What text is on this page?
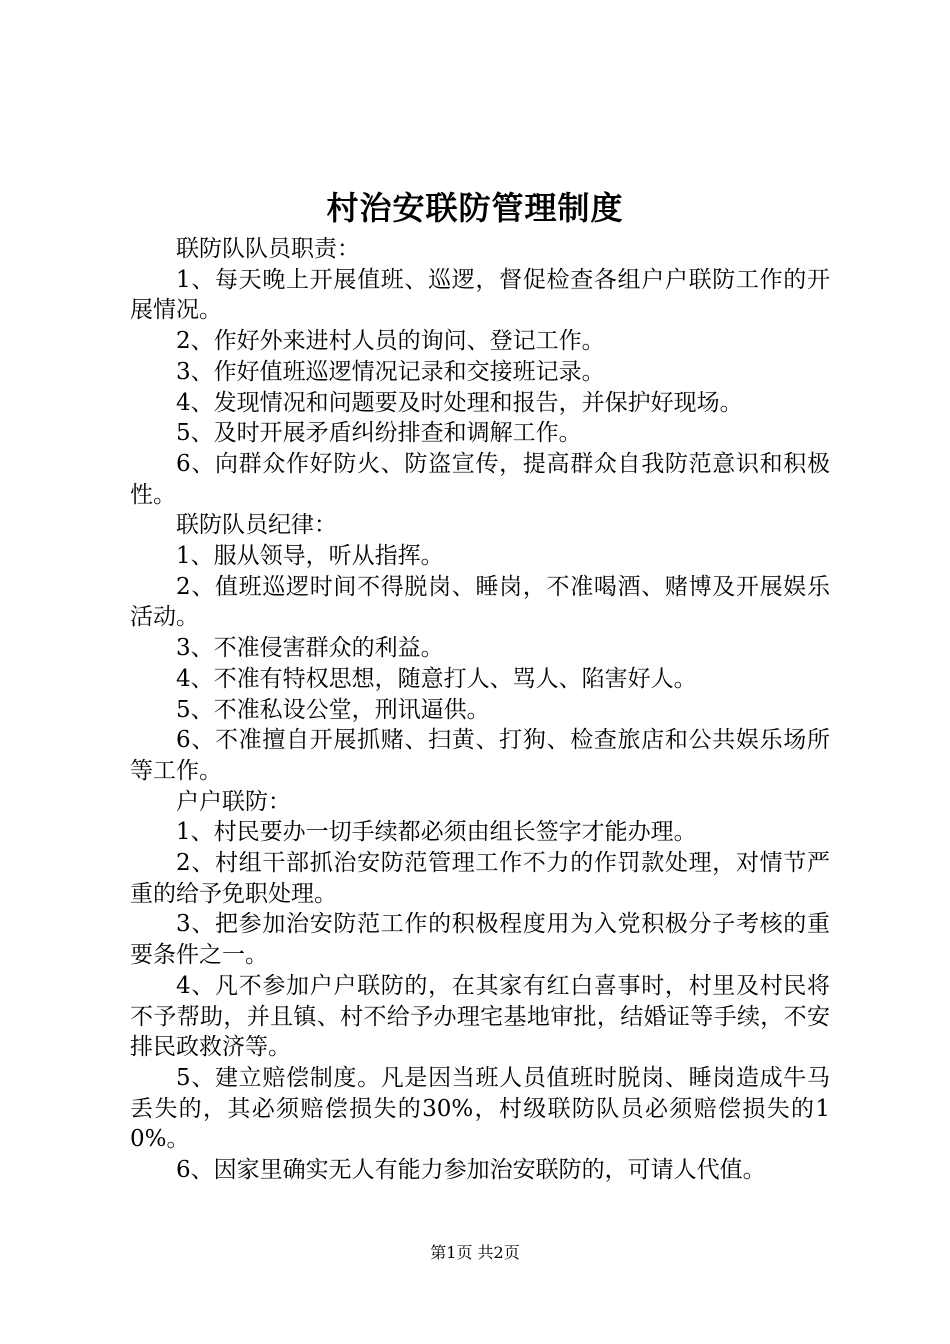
村治安联防管理制度

联防队队员职责：

1、每天晚上开展值班、巡逻，督促检查各组户户联防工作的开展情况。

2、作好外来进村人员的询问、登记工作。

3、作好值班巡逻情况记录和交接班记录。

4、发现情况和问题要及时处理和报告，并保护好现场。

5、及时开展矛盾纠纷排查和调解工作。

6、向群众作好防火、防盗宣传，提高群众自我防范意识和积极性。

联防队员纪律：

1、服从领导，听从指挥。

2、值班巡逻时间不得脱岗、睡岗，不准喝酒、赌博及开展娱乐活动。

3、不准侵害群众的利益。

4、不准有特权思想，随意打人、骂人、陷害好人。

5、不准私设公堂，刑讯逼供。

6、不准擅自开展抓赌、扫黄、打狗、检查旅店和公共娱乐场所等工作。

户户联防：

1、村民要办一切手续都必须由组长签字才能办理。

2、村组干部抓治安防范管理工作不力的作罚款处理，对情节严重的给予免职处理。

3、把参加治安防范工作的积极程度用为入党积极分子考核的重要条件之一。

4、凡不参加户户联防的，在其家有红白喜事时，村里及村民将不予帮助，并且镇、村不给予办理宅基地审批，结婚证等手续，不安排民政救济等。

5、建立赔偿制度。凡是因当班人员值班时脱岗、睡岗造成牛马丢失的，其必须赔偿损失的30%，村级联防队员必须赔偿损失的10%。

6、因家里确实无人有能力参加治安联防的，可请人代值。

第1页 共2页
